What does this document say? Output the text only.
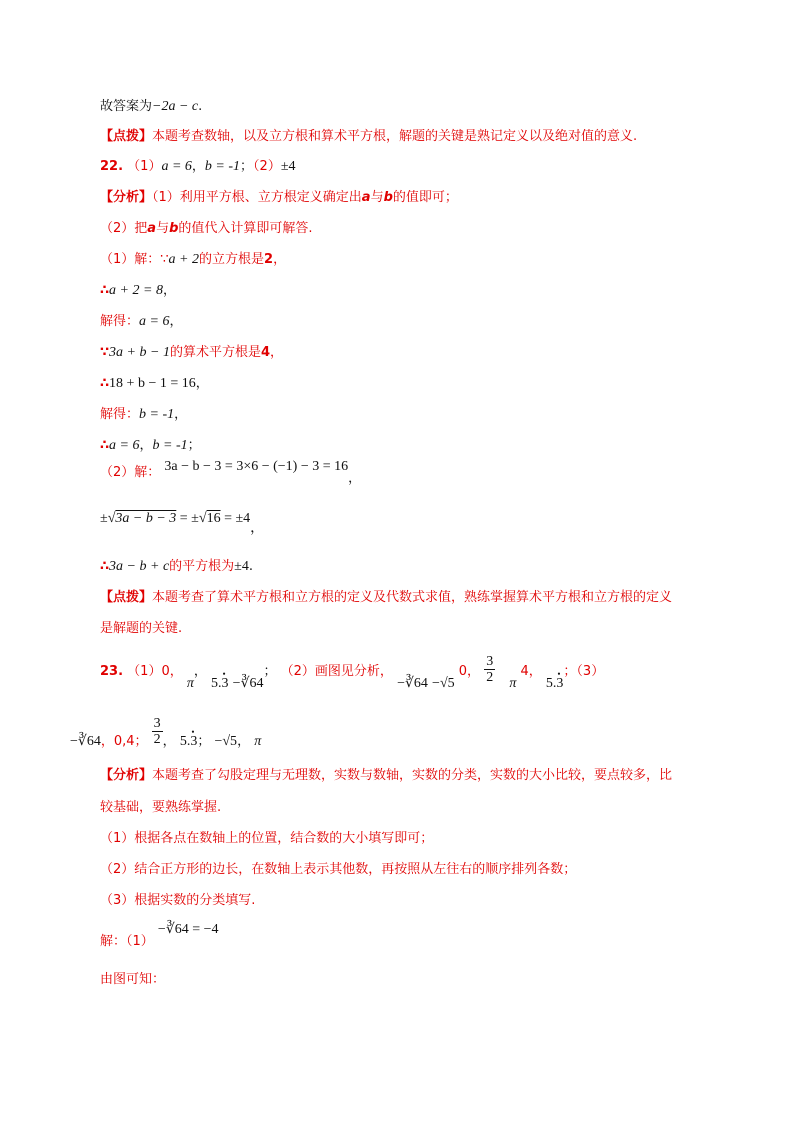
故答案为−2a − c.
【点拨】本题考查数轴，以及立方根和算术平方根，解题的关键是熟记定义以及绝对值的意义.
22. （1）a = 6，b = -1；（2）±4
【分析】（1）利用平方根、立方根定义确定出a与b的值即可；
（2）把a与b的值代入计算即可解答.
（1）解：∵a + 2的立方根是2，
∴a + 2 = 8，
解得：a = 6，
∵3a + b − 1的算术平方根是4，
∴18 + b − 1 = 16，
解得：b = -1，
∴a = 6，b = -1；
（2）解： 3a − b − 3 = 3×6 − (−1) − 3 = 16，
±√3a − b − 3 = ±√16 = ±4，
∴3a − b + c的平方根为±4.
【点拨】本题考查了算术平方根和立方根的定义及代数式求值，熟练掌握算术平方根和立方根的定义
是解题的关键.
23. （1）0， π， 5.• 3 −∛64； （2）画图见分析， −∛64 −√5 0， $\frac{3}{2}$ π 4， 5.• 3；（3）
−∛64，0,4； $\frac{3}{2}$ ， 5.• 3； −√5， π
【分析】本题考查了勾股定理与无理数，实数与数轴，实数的分类，实数的大小比较，要点较多，比
较基础，要熟练掌握.
（1）根据各点在数轴上的位置，结合数的大小填写即可；
（2）结合正方形的边长，在数轴上表示其他数，再按照从左往右的顺序排列各数；
（3）根据实数的分类填写.
解：（1） −∛64 = −4
由图可知：
